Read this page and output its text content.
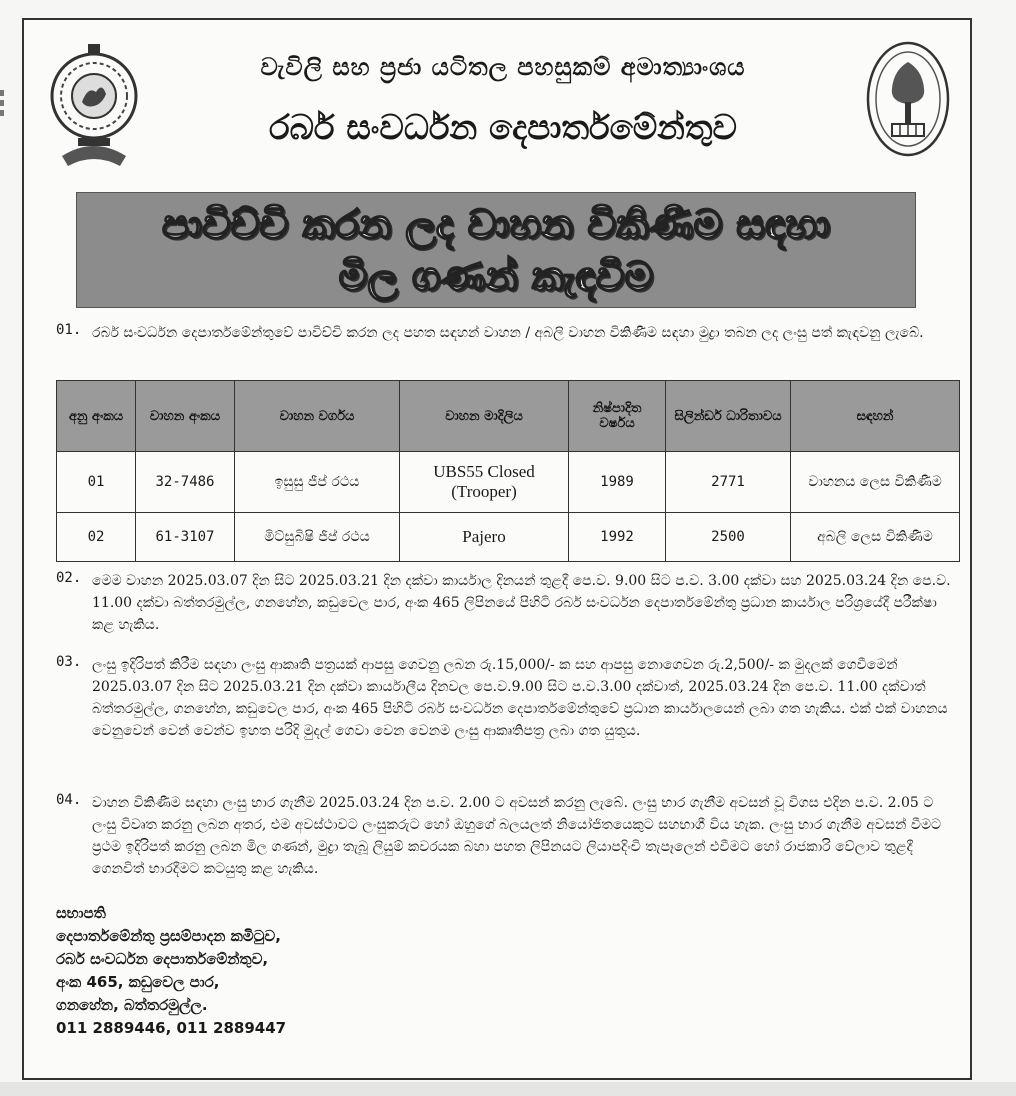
වැවිලි සහ ප්‍රජා යටිතල පහසුකම් අමාත්‍යාංශය
රබර් සංවර්ධන දෙපාර්තමේන්තුව
පාවිච්චි කරන ලද වාහන විකිණීම සඳහා
මිල ගණන් කැඳවීම
01. රබර් සංවර්ධන දෙපාර්තමේන්තුවේ පාවිච්චි කරන ලද පහත සඳහන් වාහන / අබලි වාහන විකිණීම සඳහා මුද්‍රා තබන ලද ලංසු පත් කැඳවනු ලැබේ.
අනු අංකය	වාහන අංකය	වාහන වර්ගය	වාහන මාදිලිය	නිෂ්පාදිත වර්ෂය	සිලින්ඩර් ධාරිතාවය	සඳහන්
01	32-7486	ඉසුසු ජීප් රථය	UBS55 Closed (Trooper)	1989	2771	වාහනය ලෙස විකිණීම
02	61-3107	මිට්සුබිෂි ජීප් රථය	Pajero	1992	2500	අබලි ලෙස විකිණීම
02. මෙම වාහන 2025.03.07 දින සිට 2025.03.21 දින දක්වා කාර්යාල දිනයන් තුළදී පෙ.ව. 9.00 සිට ප.ව. 3.00 දක්වා සහ 2025.03.24 දින පෙ.ව. 11.00 දක්වා බත්තරමුල්ල, ගනහේන, කඩුවෙල පාර, අංක 465 ලිපිනයේ පිහිටි රබර් සංවර්ධන දෙපාර්තමේන්තු ප්‍රධාන කාර්යාල පරිශ්‍රයේදී පරීක්ෂා කළ හැකිය.
03. ලංසු ඉදිරිපත් කිරීම සඳහා ලංසු ආකෘති පත්‍රයක් ආපසු ගෙවනු ලබන රු.15,000/- ක සහ ආපසු නොගෙවන රු.2,500/- ක මුදලක් ගෙවීමෙන් 2025.03.07 දින සිට 2025.03.21 දින දක්වා කාර්යාලීය දිනවල පෙ.ව.9.00 සිට ප.ව.3.00 දක්වාත්, 2025.03.24 දින පෙ.ව. 11.00 දක්වාත් බත්තරමුල්ල, ගනහේන, කඩුවෙල පාර, අංක 465 පිහිටි රබර් සංවර්ධන දෙපාර්තමේන්තුවේ ප්‍රධාන කාර්යාලයෙන් ලබා ගත හැකිය. එක් එක් වාහනය වෙනුවෙන් වෙන් වෙන්ව ඉහත පරිදි මුදල් ගෙවා වෙන වෙනම ලංසු ආකෘතිපත්‍ර ලබා ගත යුතුය.
04. වාහන විකිණීම සඳහා ලංසු භාර ගැනීම 2025.03.24 දින ප.ව. 2.00 ට අවසන් කරනු ලැබේ. ලංසු භාර ගැනීම අවසන් වූ විගස එදින ප.ව. 2.05 ට ලංසු විවෘත කරනු ලබන අතර, එම අවස්ථාවට ලංසුකරුට හෝ ඔහුගේ බලයලත් නියෝජිතයෙකුට සහභාගී විය හැක. ලංසු භාර ගැනීම අවසන් වීමට ප්‍රථම ඉදිරිපත් කරනු ලබන මිල ගණන්, මුද්‍රා තැබූ ලියුම් කවරයක බහා පහත ලිපිනයට ලියාපදිංචි තැපෑලෙන් එවීමට හෝ රාජකාරි වේලාව තුළදී ගෙනවිත් භාරදීමට කටයුතු කළ හැකිය.
සභාපති
දෙපාර්තමේන්තු ප්‍රසම්පාදන කමිටුව,
රබර් සංවර්ධන දෙපාර්තමේන්තුව,
අංක 465, කඩුවෙල පාර,
ගනහේන, බත්තරමුල්ල.
011 2889446, 011 2889447
